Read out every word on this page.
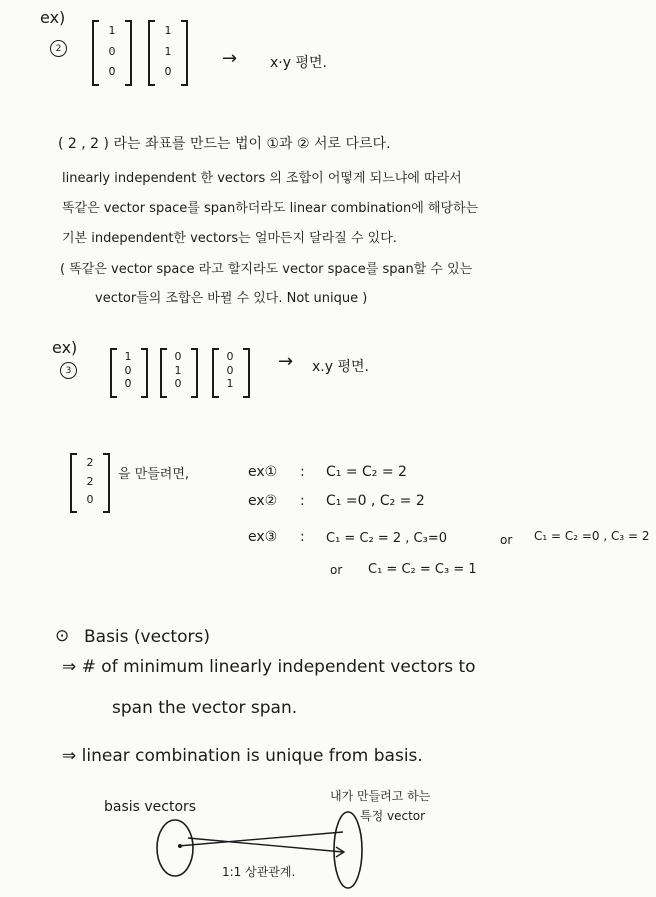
ex)
2
1
0
0
1
1
0
→ x·y 평면.
( 2 , 2 ) 라는 좌표를 만드는 법이 ①과 ② 서로 다르다.
linearly independent 한 vectors 의 조합이 어떻게 되느냐에 따라서
똑같은 vector space를 span하더라도 linear combination에 해당하는
기본 independent한 vectors는 얼마든지 달라질 수 있다.
( 똑같은 vector space 라고 할지라도 vector space를 span할 수 있는
vector들의 조합은 바뀔 수 있다. Not unique )
ex)
3
1
0
0
0
1
0
0
0
1
→ x.y 평면.
2
2
0
을 만들려면,	ex① : C₁ = C₂ = 2
ex② : C₁ =0 , C₂ = 2
ex③ : C₁ = C₂ = 2 , C₃=0	or C₁ = C₂ =0 , C₃ = 2
or C₁ = C₂ = C₃ = 1
⊙ Basis (vectors)
⇒ # of minimum linearly independent vectors to
span the vector span.
⇒ linear combination is unique from basis.
basis vectors
내가 만들려고 하는
특정 vector
1:1 상관관계.
